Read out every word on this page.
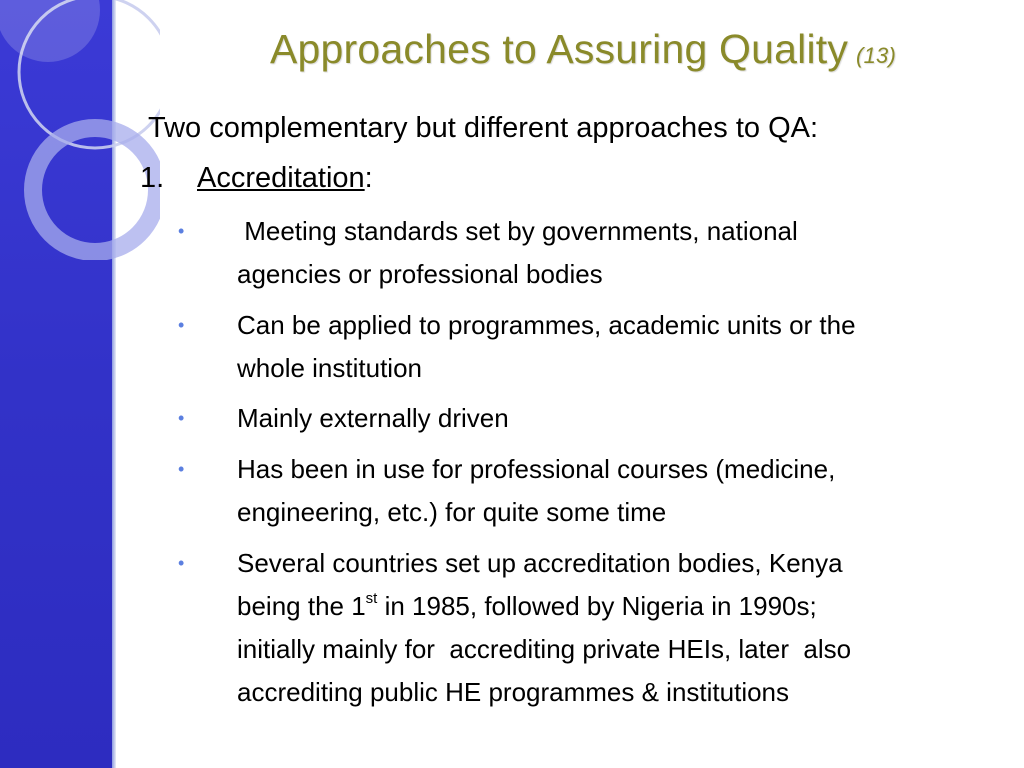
Approaches to Assuring Quality (13)
Two complementary but different approaches to QA:
1. Accreditation:
•	Meeting standards set by governments, national
agencies or professional bodies
•	Can be applied to programmes, academic units or the
whole institution
•	Mainly externally driven
•	Has been in use for professional courses (medicine,
engineering, etc.) for quite some time
•	Several countries set up accreditation bodies, Kenya
being the 1st in 1985, followed by Nigeria in 1990s;
initially mainly for  accrediting private HEIs, later  also
accrediting public HE programmes & institutions
